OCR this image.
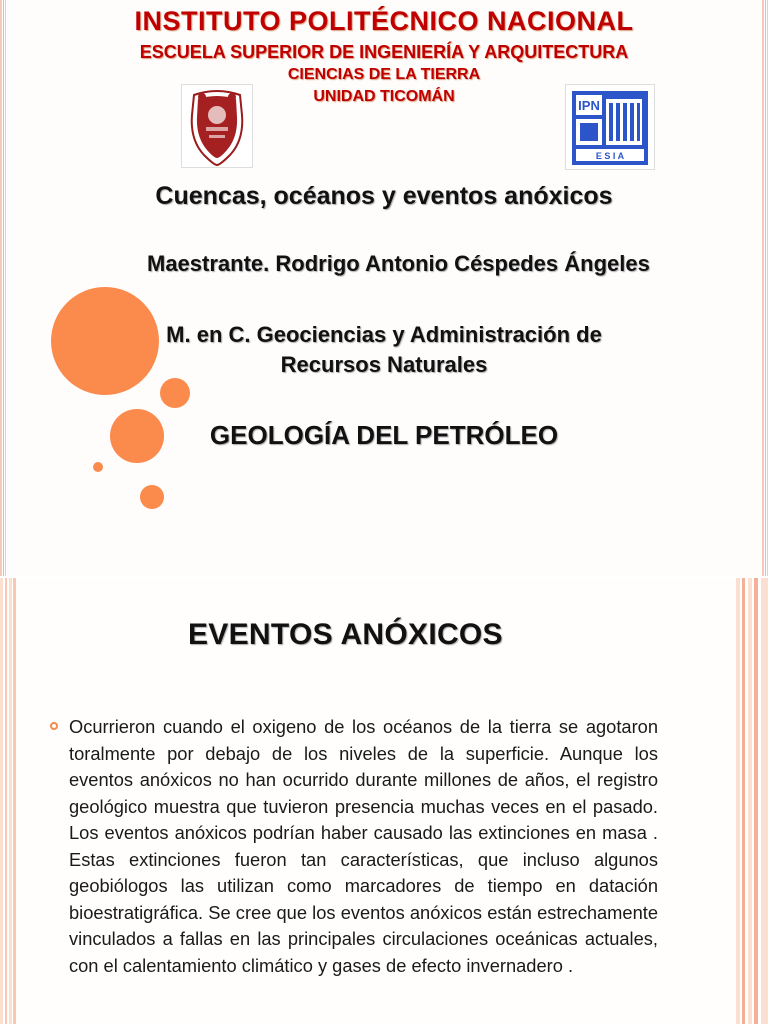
INSTITUTO POLITÉCNICO NACIONAL
ESCUELA SUPERIOR DE INGENIERÍA Y ARQUITECTURA
CIENCIAS DE LA TIERRA
UNIDAD TICOMÁN
IPN
E S I A
Cuencas, océanos y eventos anóxicos
Maestrante. Rodrigo Antonio Céspedes Ángeles
M. en C. Geociencias y Administración de
Recursos Naturales
GEOLOGÍA DEL PETRÓLEO
EVENTOS ANÓXICOS
Ocurrieron cuando el oxigeno de los océanos de la tierra se agotaron toralmente por debajo de los niveles de la superficie. Aunque los eventos anóxicos no han ocurrido durante millones de años, el registro geológico muestra que tuvieron presencia muchas veces en el pasado. Los eventos anóxicos podrían haber causado las extinciones en masa . Estas extinciones fueron tan características, que incluso algunos geobiólogos las utilizan como marcadores de tiempo en datación bioestratigráfica. Se cree que los eventos anóxicos están estrechamente vinculados a fallas en las principales circulaciones oceánicas actuales, con el calentamiento climático y gases de efecto invernadero .
